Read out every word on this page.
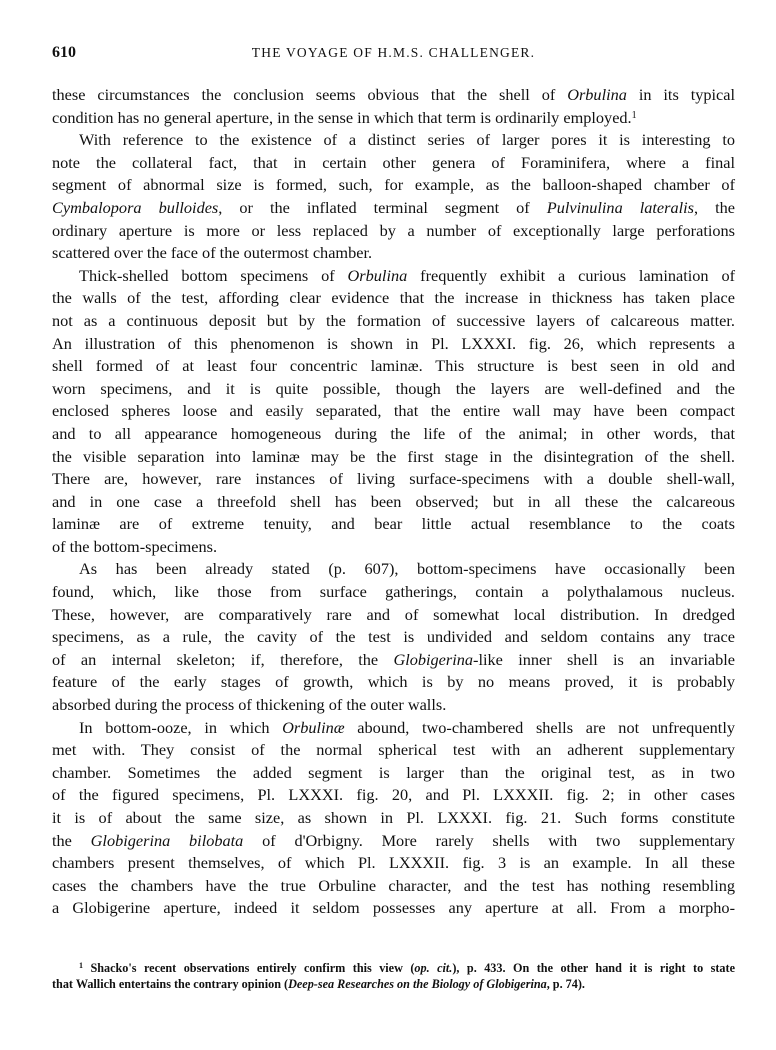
610	THE VOYAGE OF H.M.S. CHALLENGER.
these circumstances the conclusion seems obvious that the shell of Orbulina in its typical
condition has no general aperture, in the sense in which that term is ordinarily employed.$^1$
With reference to the existence of a distinct series of larger pores it is interesting to
note the collateral fact, that in certain other genera of Foraminifera, where a final
segment of abnormal size is formed, such, for example, as the balloon-shaped chamber of
Cymbalopora bulloides, or the inflated terminal segment of Pulvinulina lateralis, the
ordinary aperture is more or less replaced by a number of exceptionally large perforations
scattered over the face of the outermost chamber.
Thick-shelled bottom specimens of Orbulina frequently exhibit a curious lamination of
the walls of the test, affording clear evidence that the increase in thickness has taken place
not as a continuous deposit but by the formation of successive layers of calcareous matter.
An illustration of this phenomenon is shown in Pl. LXXXI. fig. 26, which represents a
shell formed of at least four concentric laminæ. This structure is best seen in old and
worn specimens, and it is quite possible, though the layers are well-defined and the
enclosed spheres loose and easily separated, that the entire wall may have been compact
and to all appearance homogeneous during the life of the animal; in other words, that
the visible separation into laminæ may be the first stage in the disintegration of the shell.
There are, however, rare instances of living surface-specimens with a double shell-wall,
and in one case a threefold shell has been observed; but in all these the calcareous
laminæ are of extreme tenuity, and bear little actual resemblance to the coats
of the bottom-specimens.
As has been already stated (p. 607), bottom-specimens have occasionally been
found, which, like those from surface gatherings, contain a polythalamous nucleus.
These, however, are comparatively rare and of somewhat local distribution. In dredged
specimens, as a rule, the cavity of the test is undivided and seldom contains any trace
of an internal skeleton; if, therefore, the Globigerina-like inner shell is an invariable
feature of the early stages of growth, which is by no means proved, it is probably
absorbed during the process of thickening of the outer walls.
In bottom-ooze, in which Orbulinæ abound, two-chambered shells are not unfrequently
met with. They consist of the normal spherical test with an adherent supplementary
chamber. Sometimes the added segment is larger than the original test, as in two
of the figured specimens, Pl. LXXXI. fig. 20, and Pl. LXXXII. fig. 2; in other cases
it is of about the same size, as shown in Pl. LXXXI. fig. 21. Such forms constitute
the Globigerina bilobata of d'Orbigny. More rarely shells with two supplementary
chambers present themselves, of which Pl. LXXXII. fig. 3 is an example. In all these
cases the chambers have the true Orbuline character, and the test has nothing resembling
a Globigerine aperture, indeed it seldom possesses any aperture at all. From a morpho-
$^1$ Shacko's recent observations entirely confirm this view (op. cit.), p. 433. On the other hand it is right to state
that Wallich entertains the contrary opinion (Deep-sea Researches on the Biology of Globigerina, p. 74).
